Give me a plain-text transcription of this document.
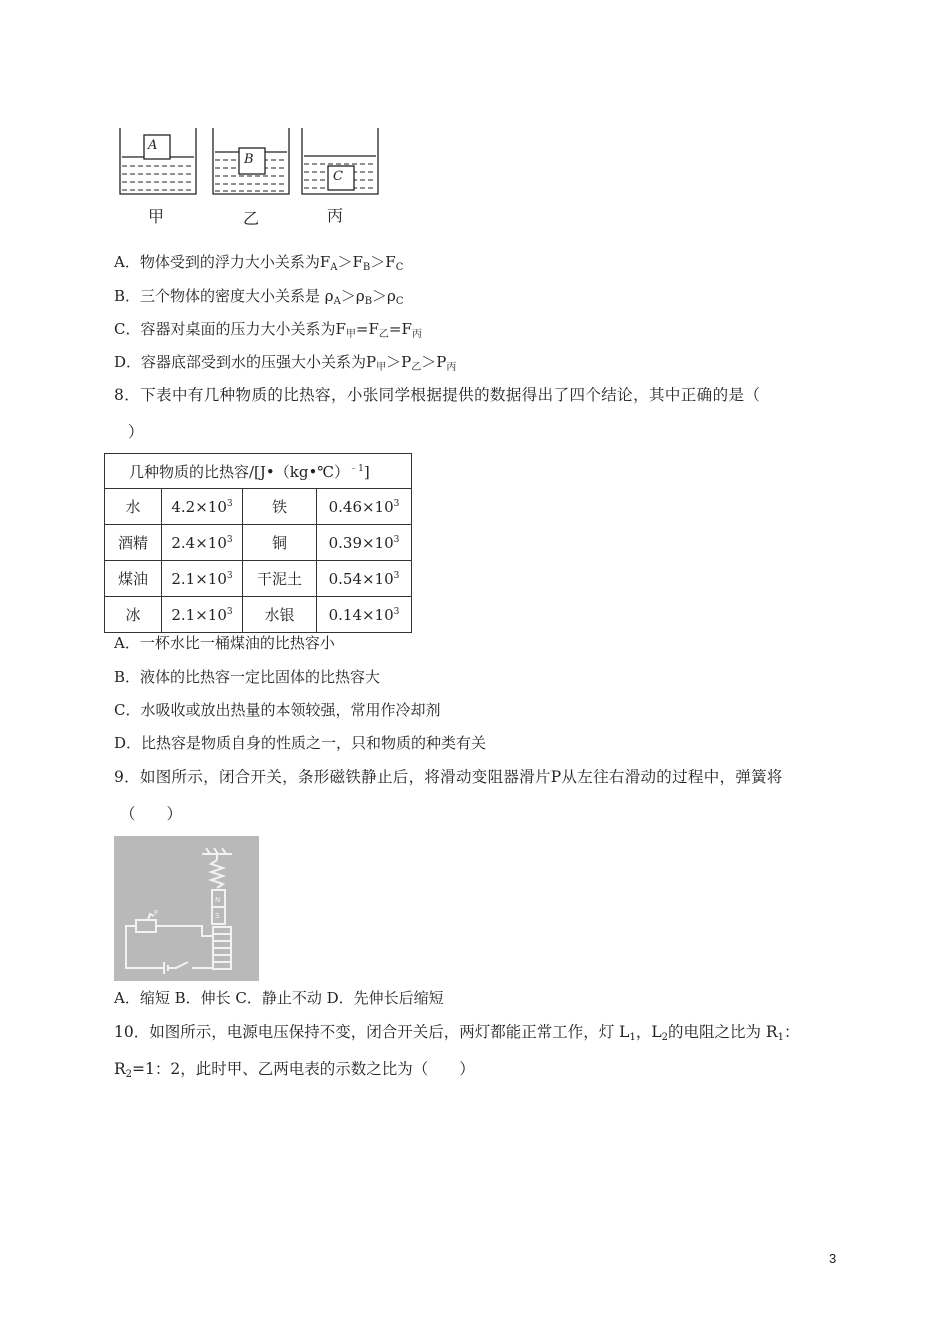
A
B
C
甲	乙	丙
A．物体受到的浮力大小关系为$F_A>F_B>F_C$
B．三个物体的密度大小关系是 $\rho_A>\rho_B>\rho_C$
C．容器对桌面的压力大小关系为$F_甲=F_乙=F_丙$
D．容器底部受到水的压强大小关系为$P_甲>P_乙>P_丙$
8．下表中有几种物质的比热容，小张同学根据提供的数据得出了四个结论，其中正确的是（
）
几种物质的比热容/[J•（kg•℃）$^{﹣1}$]			
水	$4.2\times 10^3$	铁	$0.46\times 10^3$
酒精	$2.4\times 10^3$	铜	$0.39\times 10^3$
煤油	$2.1\times 10^3$	干泥土	$0.54\times 10^3$
冰	$2.1\times 10^3$	水银	$0.14\times 10^3$
A．一杯水比一桶煤油的比热容小
B．液体的比热容一定比固体的比热容大
C．水吸收或放出热量的本领较强，常用作冷却剂
D．比热容是物质自身的性质之一，只和物质的种类有关
9．如图所示，闭合开关，条形磁铁静止后，将滑动变阻器滑片P从左往右滑动的过程中，弹簧将
（　　）
N
S
P
A．缩短 B．伸长 C．静止不动 D．先伸长后缩短
10．如图所示，电源电压保持不变，闭合开关后，两灯都能正常工作，灯 $L_1$，$L_2$的电阻之比为 $R_1$：
$R_2=1$：2，此时甲、乙两电表的示数之比为（　　）
3
